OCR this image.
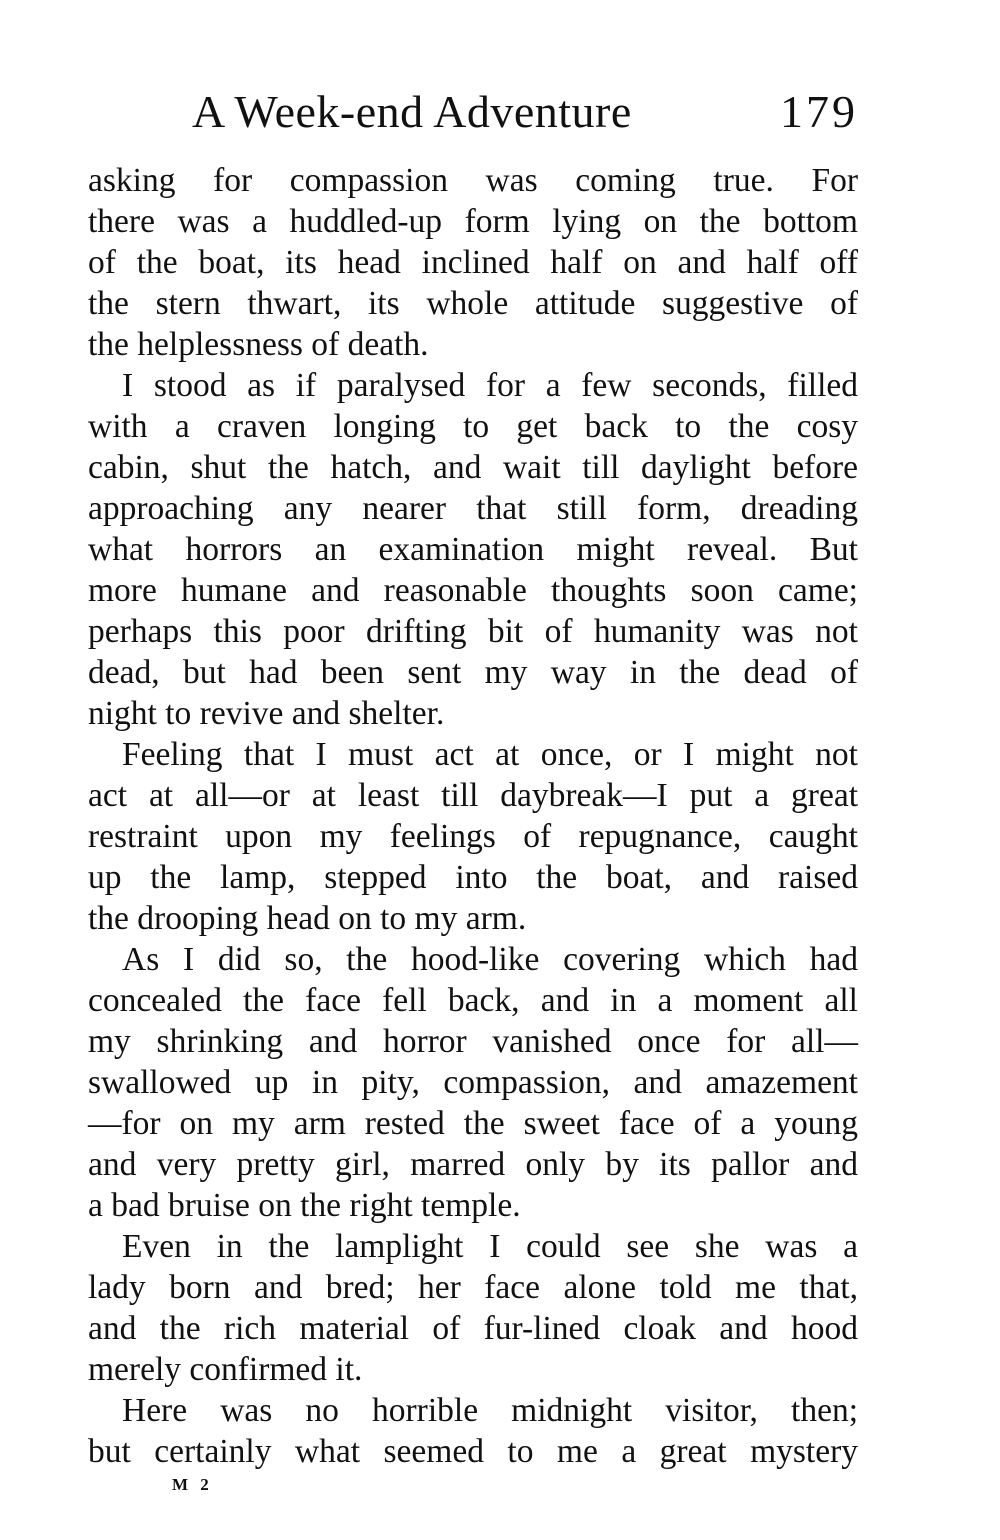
A Week-end Adventure	179

asking for compassion was coming true. For
there was a huddled-up form lying on the bottom
of the boat, its head inclined half on and half off
the stern thwart, its whole attitude suggestive of
the helplessness of death.

I stood as if paralysed for a few seconds, filled
with a craven longing to get back to the cosy
cabin, shut the hatch, and wait till daylight before
approaching any nearer that still form, dreading
what horrors an examination might reveal. But
more humane and reasonable thoughts soon came;
perhaps this poor drifting bit of humanity was not
dead, but had been sent my way in the dead of
night to revive and shelter.

Feeling that I must act at once, or I might not
act at all—or at least till daybreak—I put a great
restraint upon my feelings of repugnance, caught
up the lamp, stepped into the boat, and raised
the drooping head on to my arm.

As I did so, the hood-like covering which had
concealed the face fell back, and in a moment all
my shrinking and horror vanished once for all—
swallowed up in pity, compassion, and amazement
—for on my arm rested the sweet face of a young
and very pretty girl, marred only by its pallor and
a bad bruise on the right temple.

Even in the lamplight I could see she was a
lady born and bred; her face alone told me that,
and the rich material of fur-lined cloak and hood
merely confirmed it.

Here was no horrible midnight visitor, then;
but certainly what seemed to me a great mystery

M 2
